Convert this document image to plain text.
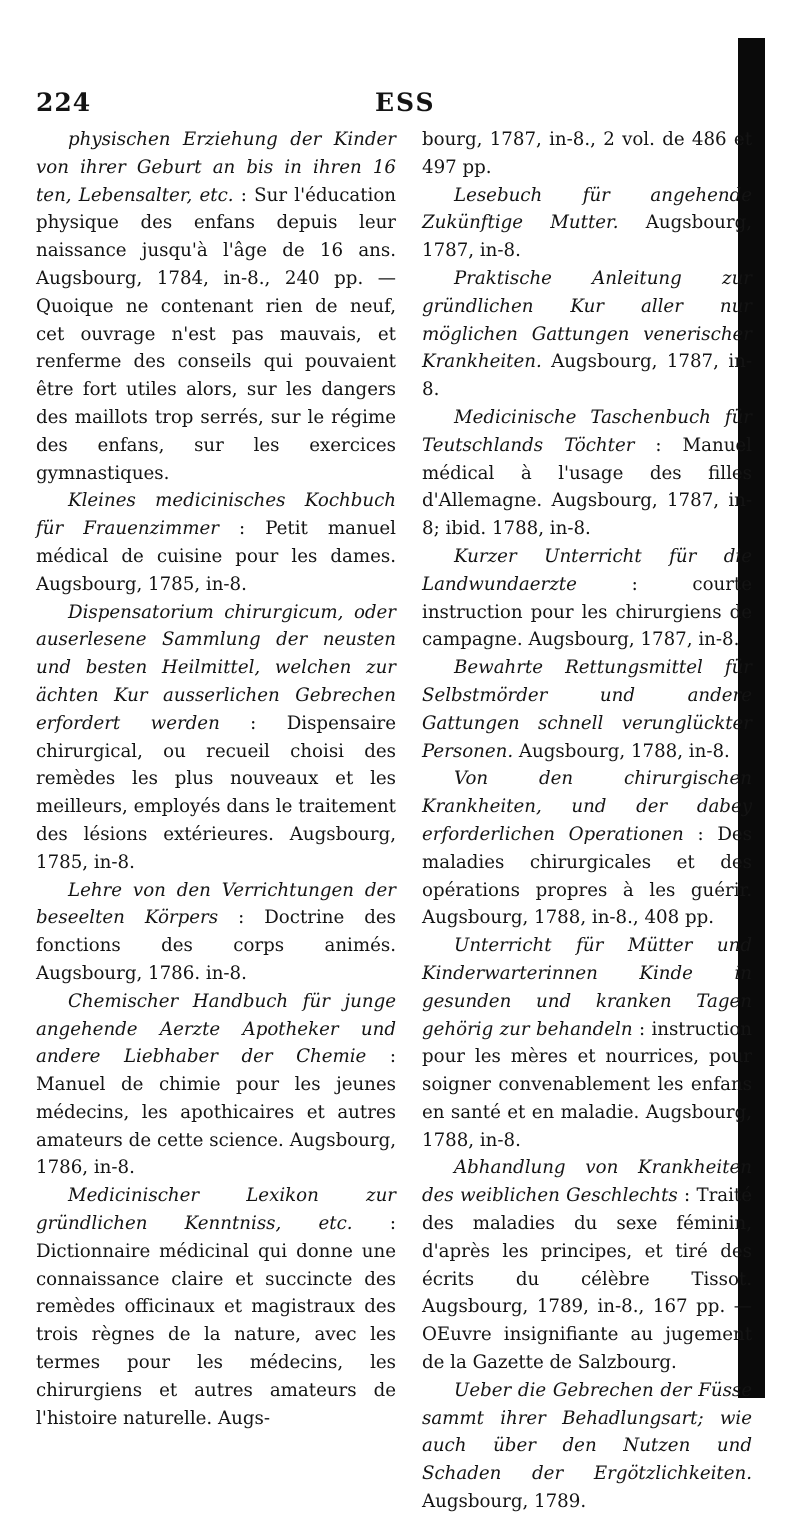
224	ESS

physischen Erziehung der Kinder von ihrer Geburt an bis in ihren 16 ten, Lebensalter, etc. : Sur l'éducation physique des enfans depuis leur naissance jusqu'à l'âge de 16 ans. Augsbourg, 1784, in-8., 240 pp. — Quoique ne contenant rien de neuf, cet ouvrage n'est pas mauvais, et renferme des conseils qui pouvaient être fort utiles alors, sur les dangers des maillots trop serrés, sur le régime des enfans, sur les exercices gymnastiques.

Kleines medicinisches Kochbuch für Frauenzimmer : Petit manuel médical de cuisine pour les dames. Augsbourg, 1785, in-8.

Dispensatorium chirurgicum, oder auserlesene Sammlung der neusten und besten Heilmittel, welchen zur ächten Kur ausserlichen Gebrechen erfordert werden : Dispensaire chirurgical, ou recueil choisi des remèdes les plus nouveaux et les meilleurs, employés dans le traitement des lésions extérieures. Augsbourg, 1785, in-8.

Lehre von den Verrichtungen der beseelten Körpers : Doctrine des fonctions des corps animés. Augsbourg, 1786. in-8.

Chemischer Handbuch für junge angehende Aerzte Apotheker und andere Liebhaber der Chemie : Manuel de chimie pour les jeunes médecins, les apothicaires et autres amateurs de cette science. Augsbourg, 1786, in-8.

Medicinischer Lexikon zur gründlichen Kenntniss, etc. : Dictionnaire médicinal qui donne une connaissance claire et succincte des remèdes officinaux et magistraux des trois règnes de la nature, avec les termes pour les médecins, les chirurgiens et autres amateurs de l'histoire naturelle. Augs-

bourg, 1787, in-8., 2 vol. de 486 et 497 pp.

Lesebuch für angehende Zukünftige Mutter. Augsbourg, 1787, in-8.

Praktische Anleitung zur gründlichen Kur aller nur möglichen Gattungen venerischer Krankheiten. Augsbourg, 1787, in-8.

Medicinische Taschenbuch für Teutschlands Töchter : Manuel médical à l'usage des filles d'Allemagne. Augsbourg, 1787, in-8; ibid. 1788, in-8.

Kurzer Unterricht für die Landwundaerzte : courte instruction pour les chirurgiens de campagne. Augsbourg, 1787, in-8.

Bewahrte Rettungsmittel für Selbstmörder und andere Gattungen schnell verunglückter Personen. Augsbourg, 1788, in-8.

Von den chirurgischen Krankheiten, und der dabey erforderlichen Operationen : Des maladies chirurgicales et des opérations propres à les guérir. Augsbourg, 1788, in-8., 408 pp.

Unterricht für Mütter und Kinderwarterinnen Kinde in gesunden und kranken Tagen gehörig zur behandeln : instruction pour les mères et nourrices, pour soigner convenablement les enfans en santé et en maladie. Augsbourg, 1788, in-8.

Abhandlung von Krankheiten des weiblichen Geschlechts : Traité des maladies du sexe féminin, d'après les principes, et tiré des écrits du célèbre Tissot. Augsbourg, 1789, in-8., 167 pp. — OEuvre insignifiante au jugement de la Gazette de Salzbourg.

Ueber die Gebrechen der Füsse sammt ihrer Behadlungsart; wie auch über den Nutzen und Schaden der Ergötzlichkeiten. Augsbourg, 1789.
